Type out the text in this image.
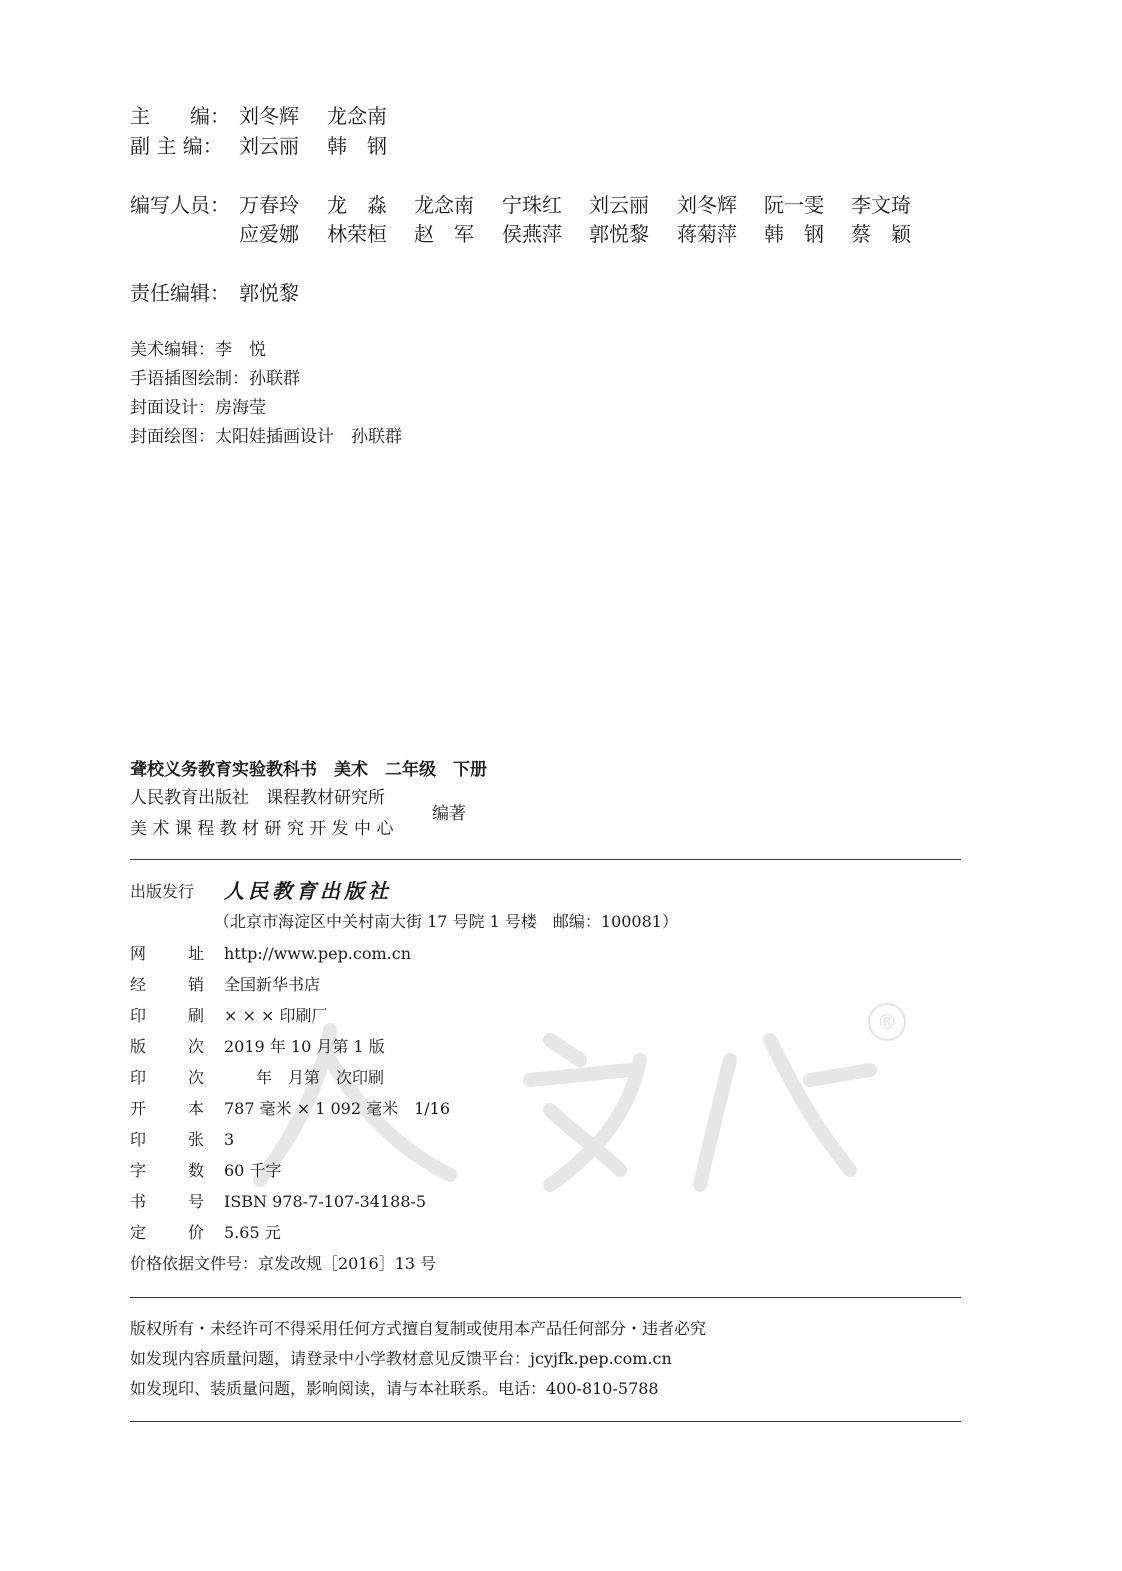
®
主　　编： 刘冬辉 龙念南
副 主 编： 刘云丽 韩　钢
编写人员： 万春玲 龙　淼 龙念南 宁珠红 刘云丽 刘冬辉 阮一雯 李文琦
应爱娜 林荣桓 赵　军 侯燕萍 郭悦黎 蒋菊萍 韩　钢 蔡　颖
责任编辑： 郭悦黎
美术编辑：李　悦
手语插图绘制：孙联群
封面设计：房海莹
封面绘图：太阳娃插画设计　孙联群
聋校义务教育实验教科书　美术　二年级　下册
人民教育出版社　课程教材研究所
美 术 课 程 教 材 研 究 开 发 中 心
编著
出版发行 人民教育出版社
（北京市海淀区中关村南大街 17 号院 1 号楼　邮编：100081）
网　址	http://www.pep.com.cn
经　销	全国新华书店
印　刷	× × × 印刷厂
版　次	2019 年 10 月第 1 版
印　次	　　年　月第　次印刷
开　本	787 毫米 × 1 092 毫米　1/16
印　张	3
字　数	60 千字
书　号	ISBN 978-7-107-34188-5
定　价	5.65 元
价格依据文件号：京发改规［2016］13 号
版权所有・未经许可不得采用任何方式擅自复制或使用本产品任何部分・违者必究
如发现内容质量问题，请登录中小学教材意见反馈平台：jcyjfk.pep.com.cn
如发现印、装质量问题，影响阅读，请与本社联系。电话：400-810-5788
